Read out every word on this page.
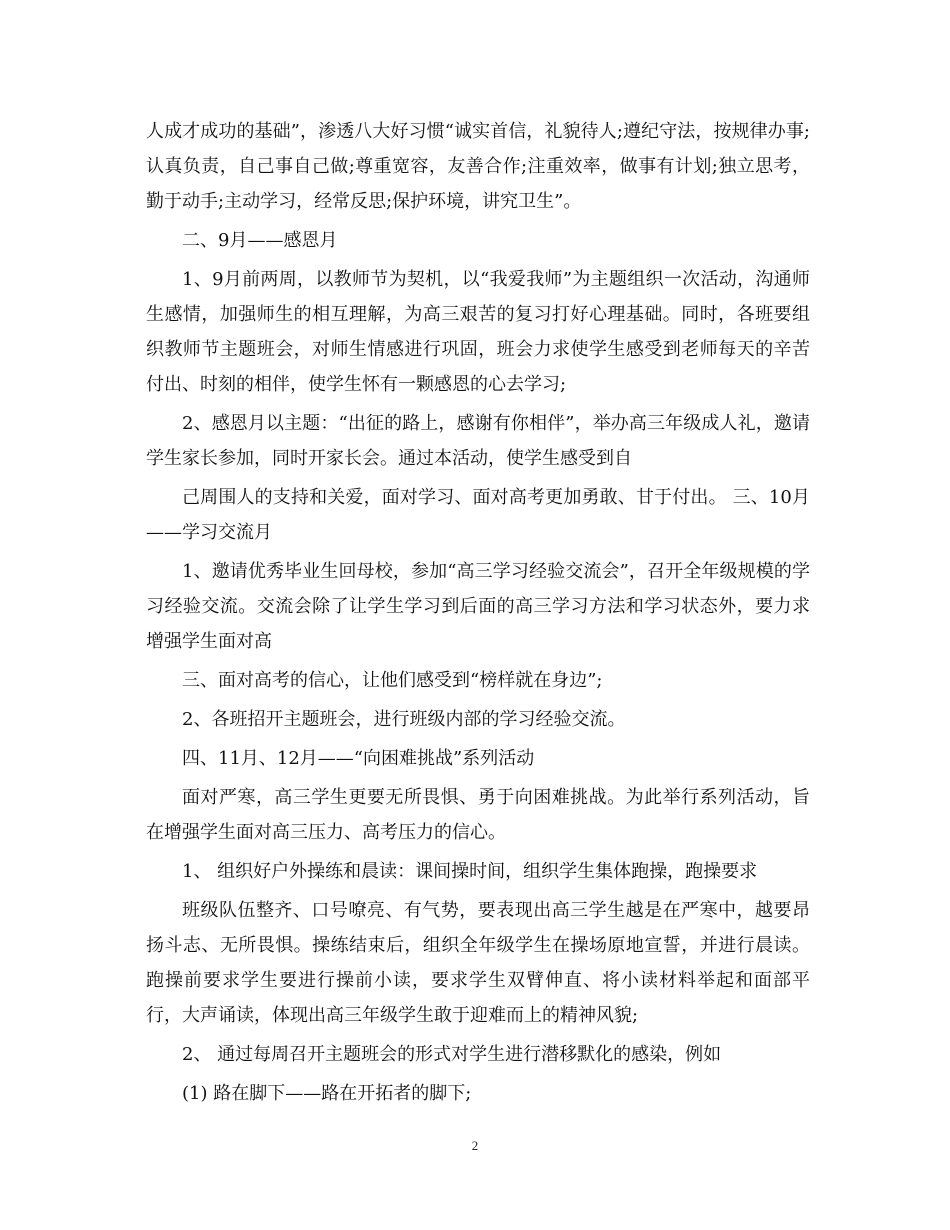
人成才成功的基础”，渗透八大好习惯“诚实首信，礼貌待人;遵纪守法，按规律办事;认真负责，自己事自己做;尊重宽容，友善合作;注重效率，做事有计划;独立思考，勤于动手;主动学习，经常反思;保护环境，讲究卫生”。

二、9月——感恩月

1、9月前两周，以教师节为契机，以“我爱我师”为主题组织一次活动，沟通师生感情，加强师生的相互理解，为高三艰苦的复习打好心理基础。同时，各班要组织教师节主题班会，对师生情感进行巩固，班会力求使学生感受到老师每天的辛苦付出、时刻的相伴，使学生怀有一颗感恩的心去学习;

2、感恩月以主题：“出征的路上，感谢有你相伴”，举办高三年级成人礼，邀请学生家长参加，同时开家长会。通过本活动，使学生感受到自

己周围人的支持和关爱，面对学习、面对高考更加勇敢、甘于付出。 三、10月——学习交流月

1、邀请优秀毕业生回母校，参加“高三学习经验交流会”，召开全年级规模的学习经验交流。交流会除了让学生学习到后面的高三学习方法和学习状态外，要力求增强学生面对高

三、面对高考的信心，让他们感受到“榜样就在身边”;

2、各班招开主题班会，进行班级内部的学习经验交流。

四、11月、12月——“向困难挑战”系列活动

面对严寒，高三学生更要无所畏惧、勇于向困难挑战。为此举行系列活动，旨在增强学生面对高三压力、高考压力的信心。

1、 组织好户外操练和晨读：课间操时间，组织学生集体跑操，跑操要求

班级队伍整齐、口号嘹亮、有气势，要表现出高三学生越是在严寒中，越要昂扬斗志、无所畏惧。操练结束后，组织全年级学生在操场原地宣誓，并进行晨读。跑操前要求学生要进行操前小读，要求学生双臂伸直、将小读材料举起和面部平行，大声诵读，体现出高三年级学生敢于迎难而上的精神风貌;

2、 通过每周召开主题班会的形式对学生进行潜移默化的感染，例如

(1) 路在脚下——路在开拓者的脚下;

2
